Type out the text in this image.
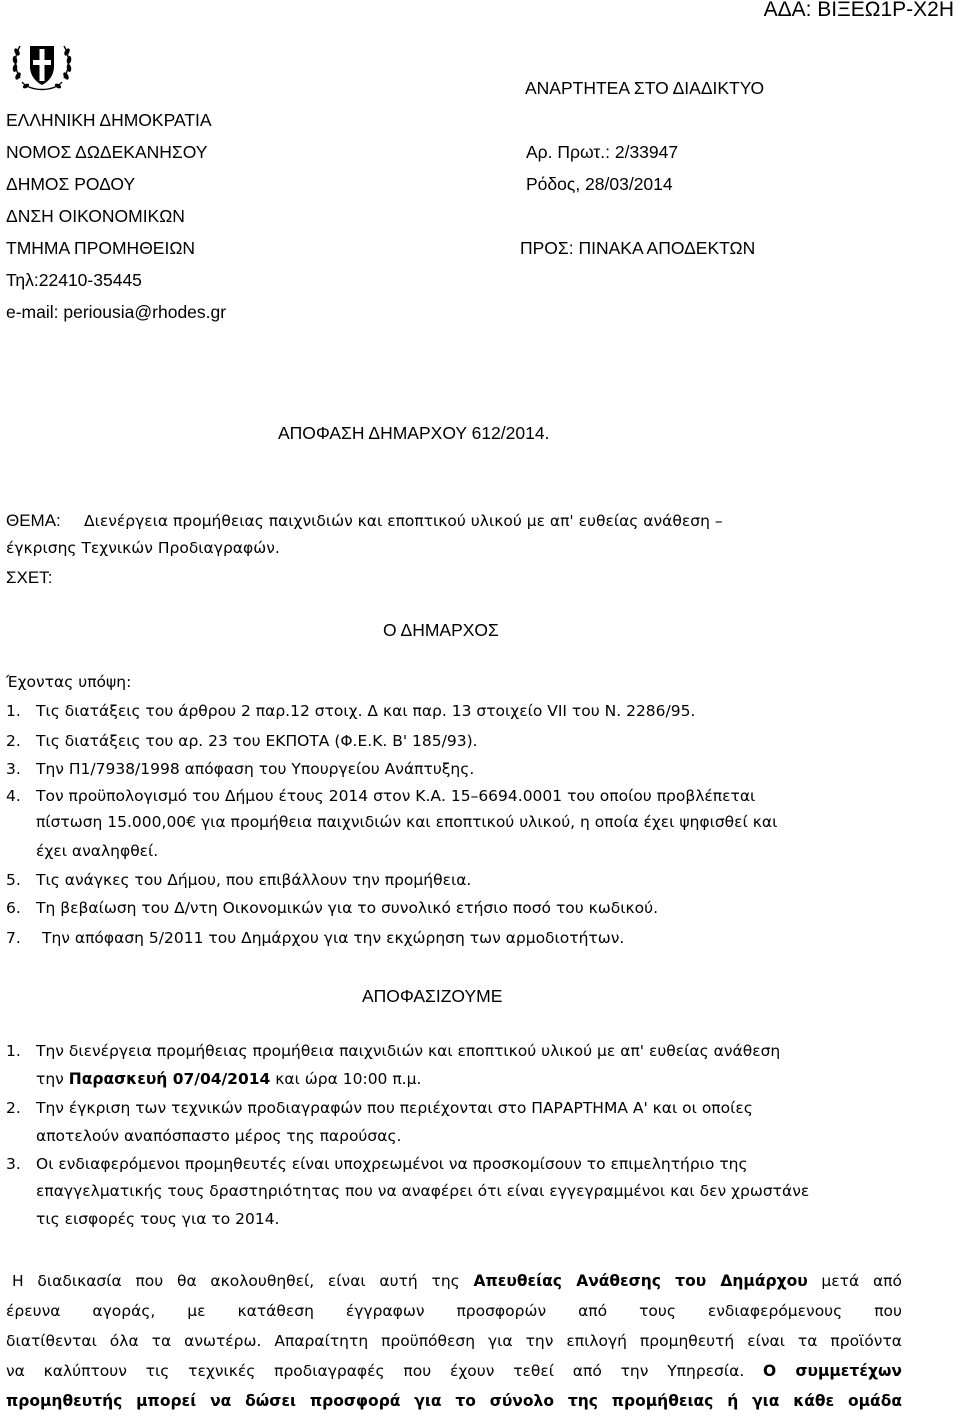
ΑΔΑ: ΒΙΞΕΩ1Ρ-Χ2Η
ΕΛΛΗΝΙΚΗ ΔΗΜΟΚΡΑΤΙΑ
ΝΟΜΟΣ ΔΩΔΕΚΑΝΗΣΟΥ
ΔΗΜΟΣ ΡΟΔΟΥ
ΔΝΣΗ ΟΙΚΟΝΟΜΙΚΩΝ
ΤΜΗΜΑ ΠΡΟΜΗΘΕΙΩΝ
Τηλ:22410-35445
e-mail: periousia@rhodes.gr
ΑΝΑΡΤΗΤΕΑ ΣΤΟ ΔΙΑΔΙΚΤΥΟ
Αρ. Πρωτ.: 2/33947
Ρόδος, 28/03/2014
ΠΡΟΣ: ΠΙΝΑΚΑ ΑΠΟΔΕΚΤΩΝ
ΑΠΟΦΑΣΗ ΔΗΜΑΡΧΟΥ 612/2014.
ΘΕΜΑ: Διενέργεια προμήθειας παιχνιδιών και εποπτικού υλικού με απ' ευθείας ανάθεση –
έγκρισης Τεχνικών Προδιαγραφών.
ΣΧΕΤ:
Ο ΔΗΜΑΡΧΟΣ
Έχοντας υπόψη:
1. Τις διατάξεις του άρθρου 2 παρ.12 στοιχ. Δ και παρ. 13 στοιχείο VII του Ν. 2286/95.
2. Τις διατάξεις του αρ. 23 του ΕΚΠΟΤΑ (Φ.Ε.Κ. Β' 185/93).
3. Την Π1/7938/1998 απόφαση του Υπουργείου Ανάπτυξης.
4. Τον προϋπολογισμό του Δήμου έτους 2014 στον Κ.Α. 15–6694.0001 του οποίου προβλέπεται
πίστωση 15.000,00€ για προμήθεια παιχνιδιών και εποπτικού υλικού, η οποία έχει ψηφισθεί και
έχει αναληφθεί.
5. Τις ανάγκες του Δήμου, που επιβάλλουν την προμήθεια.
6. Τη βεβαίωση του Δ/ντη Οικονομικών για το συνολικό ετήσιο ποσό του κωδικού.
7. Την απόφαση 5/2011 του Δημάρχου για την εκχώρηση των αρμοδιοτήτων.
ΑΠΟΦΑΣΙΖΟΥΜΕ
1. Την διενέργεια προμήθειας προμήθεια παιχνιδιών και εποπτικού υλικού με απ' ευθείας ανάθεση
την Παρασκευή 07/04/2014 και ώρα 10:00 π.μ.
2. Την έγκριση των τεχνικών προδιαγραφών που περιέχονται στο ΠΑΡΑΡΤΗΜΑ Α' και οι οποίες
αποτελούν αναπόσπαστο μέρος της παρούσας.
3. Οι ενδιαφερόμενοι προμηθευτές είναι υποχρεωμένοι να προσκομίσουν το επιμελητήριο της
επαγγελματικής τους δραστηριότητας που να αναφέρει ότι είναι εγγεγραμμένοι και δεν χρωστάνε
τις εισφορές τους για το 2014.
Η διαδικασία που θα ακολουθηθεί, είναι αυτή της Απευθείας Ανάθεσης του Δημάρχου μετά από
έρευνα αγοράς, με κατάθεση έγγραφων προσφορών από τους ενδιαφερόμενους που
διατίθενται όλα τα ανωτέρω. Απαραίτητη προϋπόθεση για την επιλογή προμηθευτή είναι τα προϊόντα
να καλύπτουν τις τεχνικές προδιαγραφές που έχουν τεθεί από την Υπηρεσία. Ο συμμετέχων
προμηθευτής μπορεί να δώσει προσφορά για το σύνολο της προμήθειας ή για κάθε ομάδα
